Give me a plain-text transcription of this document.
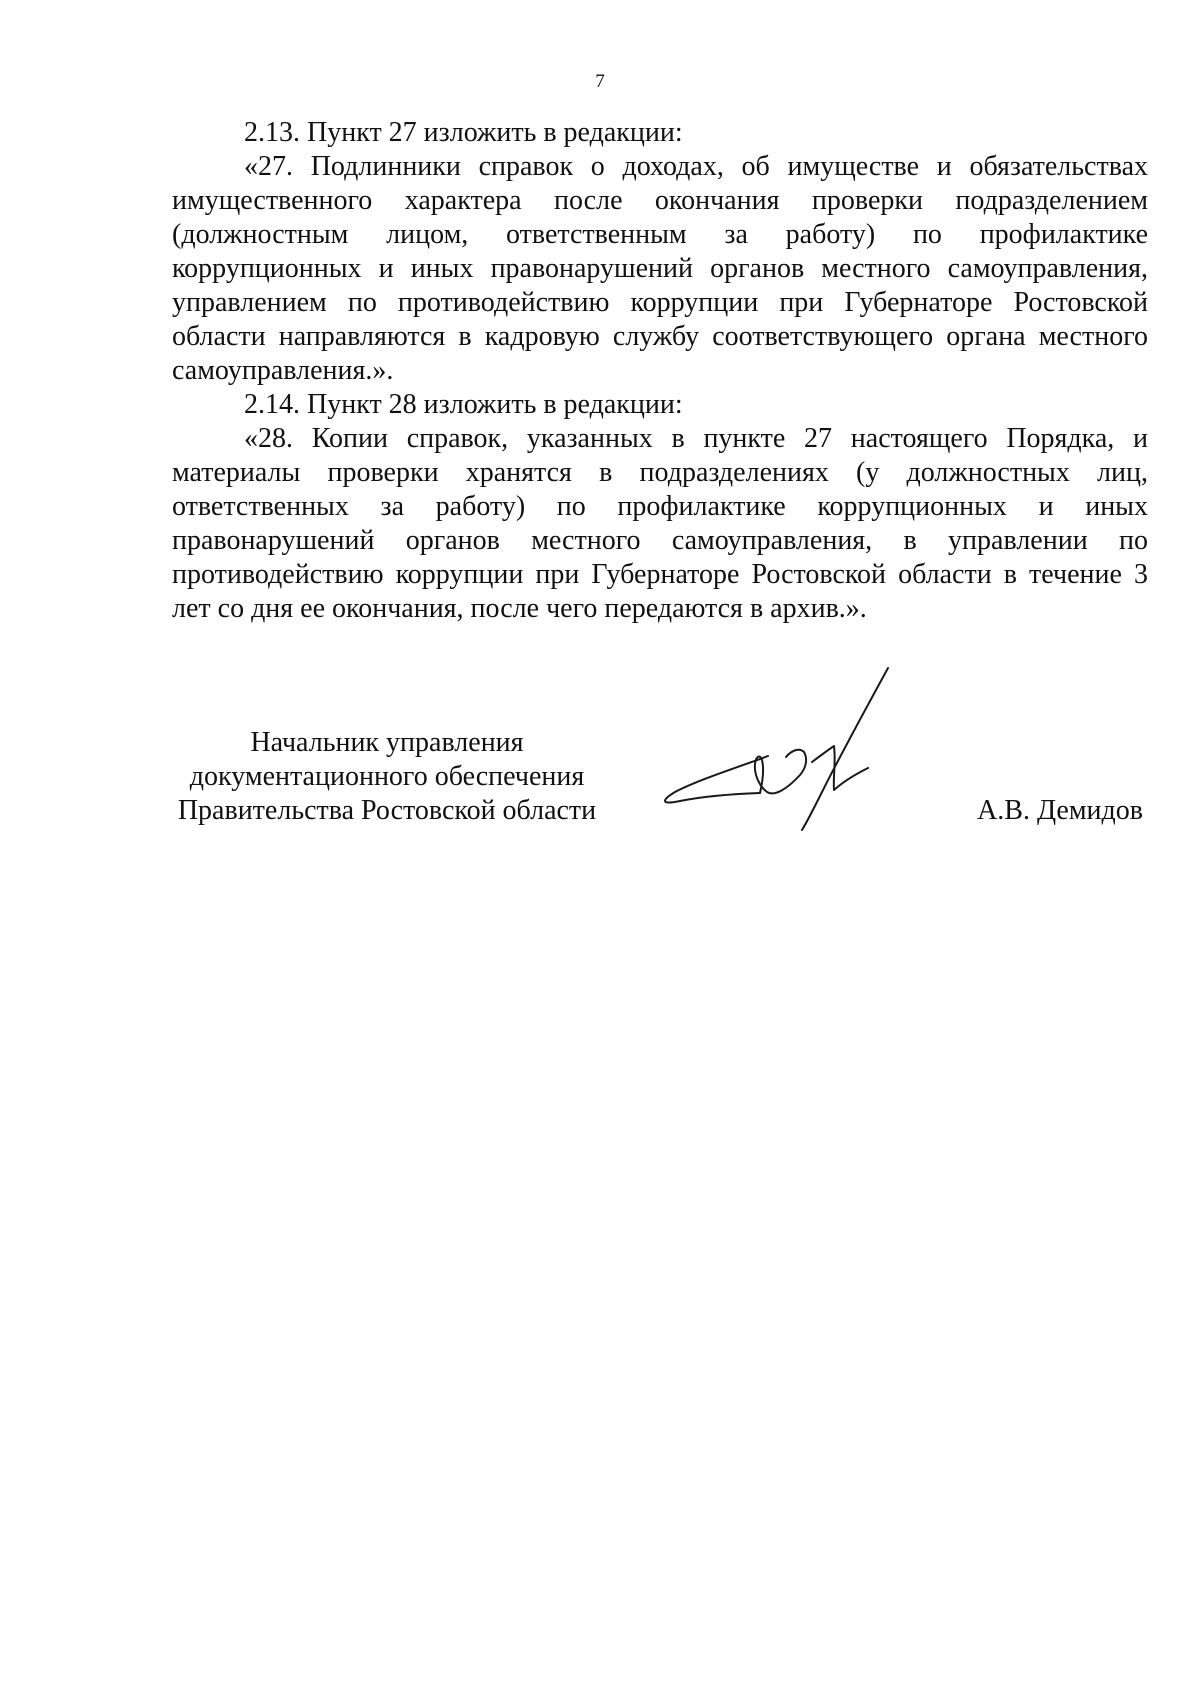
7

2.13. Пункт 27 изложить в редакции:

«27. Подлинники справок о доходах, об имуществе и обязательствах имущественного характера после окончания проверки подразделением (должностным лицом, ответственным за работу) по профилактике коррупционных и иных правонарушений органов местного самоуправления, управлением по противодействию коррупции при Губернаторе Ростовской области направляются в кадровую службу соответствующего органа местного самоуправления.».

2.14. Пункт 28 изложить в редакции:

«28. Копии справок, указанных в пункте 27 настоящего Порядка, и материалы проверки хранятся в подразделениях (у должностных лиц, ответственных за работу) по профилактике коррупционных и иных правонарушений органов местного самоуправления, в управлении по противодействию коррупции при Губернаторе Ростовской области в течение 3 лет со дня ее окончания, после чего передаются в архив.».

Начальник управления
документационного обеспечения
Правительства Ростовской области	А.В. Демидов
